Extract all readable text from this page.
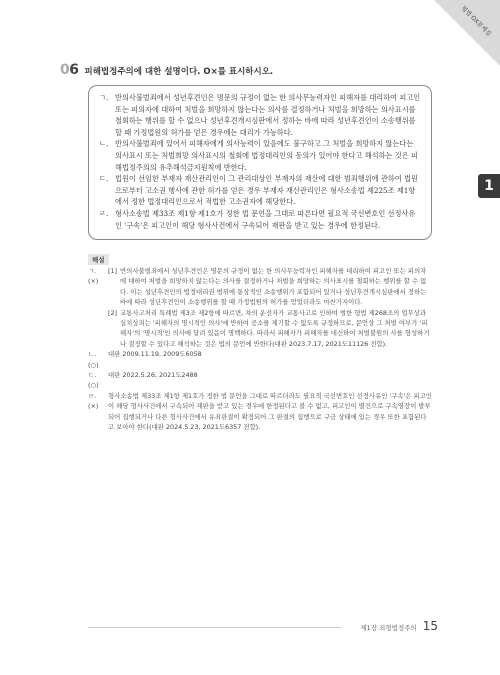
형법 OX문제집
06 피해법정주의에 대한 설명이다. O×를 표시하시오.
ㄱ. 반의사불벌죄에서 성년후견인은 명문의 규정이 없는 한 의사무능력자인 피해자를 대리하여 피고인 또는 피의자에 대하여 처벌을 희망하지 않는다는 의사를 결정하거나 처벌을 희망하는 의사표시를 철회하는 행위를 할 수 없으나 성년후견개시심판에서 정하는 바에 따라 성년후견인이 소송행위를 할 때 가정법원의 허가를 얻은 경우에는 대리가 가능하다.
ㄴ. 반의사불벌죄에 있어서 피해자에게 의사능력이 있음에도 불구하고 그 처벌을 희망하지 않는다는 의사표시 또는 처벌희망 의사표시의 철회에 법정대리인의 동의가 있어야 한다고 해석하는 것은 피해법정주의의 유추해석금지원칙에 반한다.
ㄷ. 법원이 선임한 부재자 재산관리인이 그 관리대상인 부재자의 재산에 대한 범죄행위에 관하여 법원으로부터 고소권 행사에 관한 허가를 얻은 경우 부재자 재산관리인은 형사소송법 제225조 제1항에서 정한 법정대리인으로서 적법한 고소권자에 해당한다.
ㄹ. 형사소송법 제33조 제1항 제1호가 정한 법 문언을 그대로 따른다면 필요적 국선변호인 선정사유인 '구속'은 피고인이 해당 형사사건에서 구속되어 재판을 받고 있는 경우에 한정된다.
1
해설
ㄱ. (×)
[1] 반의사불벌죄에서 성년후견인은 명문의 규정이 없는 한 의사무능력자인 피해자를 대리하여 피고인 또는 피의자에 대하여 처벌을 희망하지 않는다는 의사를 결정하거나 처벌을 희망하는 의사표시를 철회하는 행위를 할 수 없다. 이는 성년후견인의 법정대리권 범위에 통상적인 소송행위가 포함되어 있거나 성년후견개시심판에서 정하는 바에 따라 성년후견인이 소송행위를 할 때 가정법원의 허가를 얻었더라도 마찬가지이다.
[2] 교통사고처리 특례법 제3조 제2항에 따르면, 차의 운전자가 교통사고로 인하여 범한 형법 제268조의 업무상과실치상죄는 '피해자의 명시적인 의사'에 반하여 공소를 제기할 수 없도록 규정하므로, 문언상 그 처벌 여부가 '피해자'의 '명시적'인 의사에 달려 있음이 명백하다. 따라서 피해자가 피해자를 대신하여 처벌불원의 사를 형성하거나 결정할 수 있다고 해석하는 것은 법의 문언에 반한다(대판 2023.7.17, 2021도11126 전합).
ㄴ. (○)
대판 2009.11.19, 2009도6058
ㄷ. (○)
대판 2022.5.26, 2021도2488
ㄹ. (×)
형사소송법 제33조 제1항 제1호가 정한 법 문언을 그대로 따르더라도 필요적 국선변호인 선정사유인 '구속'은 피고인이 해당 형사사건에서 구속되어 재판을 받고 있는 경우에 한정된다고 볼 수 없고, 피고인이 별건으로 구속영장이 발부되어 집행되거나 다른 형사사건에서 유죄판결이 확정되어 그 판결의 집행으로 구금 상태에 있는 경우 또한 포함된다고 보아야 한다(대판 2024.5.23, 2021도6357 전합).
제1장 죄형법정주의 15
